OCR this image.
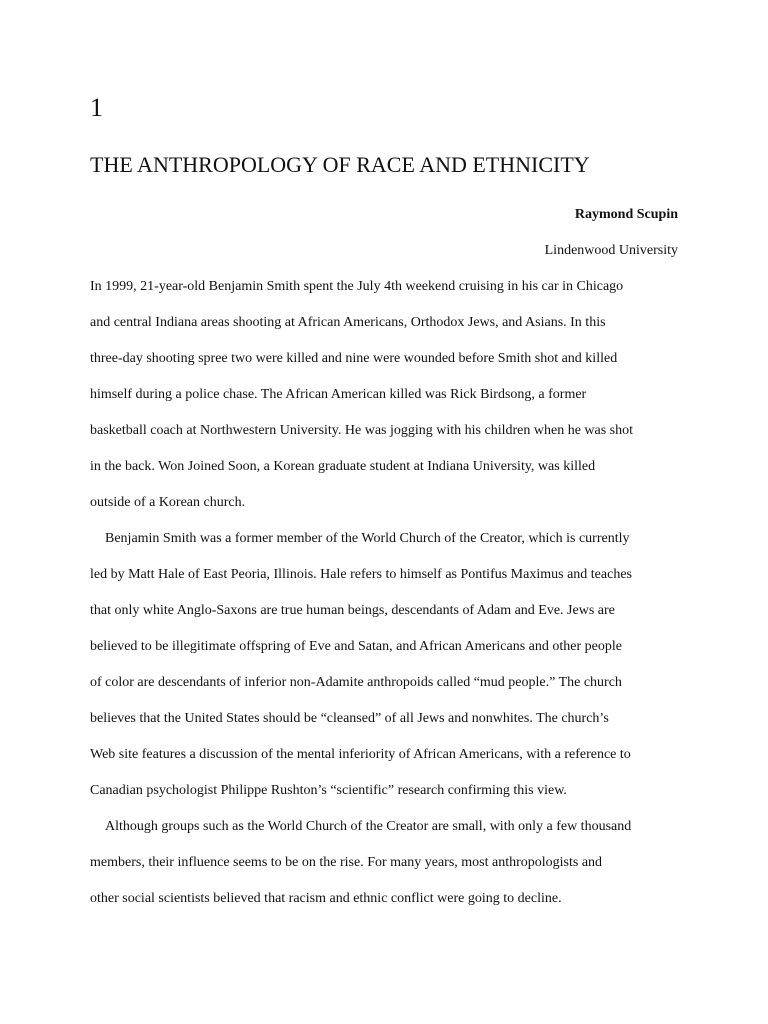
1
THE ANTHROPOLOGY OF RACE AND ETHNICITY
Raymond Scupin
Lindenwood University
In 1999, 21-year-old Benjamin Smith spent the July 4th weekend cruising in his car in Chicago
and central Indiana areas shooting at African Americans, Orthodox Jews, and Asians. In this
three-day shooting spree two were killed and nine were wounded before Smith shot and killed
himself during a police chase. The African American killed was Rick Birdsong, a former
basketball coach at Northwestern University. He was jogging with his children when he was shot
in the back. Won Joined Soon, a Korean graduate student at Indiana University, was killed
outside of a Korean church.
Benjamin Smith was a former member of the World Church of the Creator, which is currently
led by Matt Hale of East Peoria, Illinois. Hale refers to himself as Pontifus Maximus and teaches
that only white Anglo-Saxons are true human beings, descendants of Adam and Eve. Jews are
believed to be illegitimate offspring of Eve and Satan, and African Americans and other people
of color are descendants of inferior non-Adamite anthropoids called “mud people.” The church
believes that the United States should be “cleansed” of all Jews and nonwhites. The church’s
Web site features a discussion of the mental inferiority of African Americans, with a reference to
Canadian psychologist Philippe Rushton’s “scientific” research confirming this view.
Although groups such as the World Church of the Creator are small, with only a few thousand
members, their influence seems to be on the rise. For many years, most anthropologists and
other social scientists believed that racism and ethnic conflict were going to decline.
